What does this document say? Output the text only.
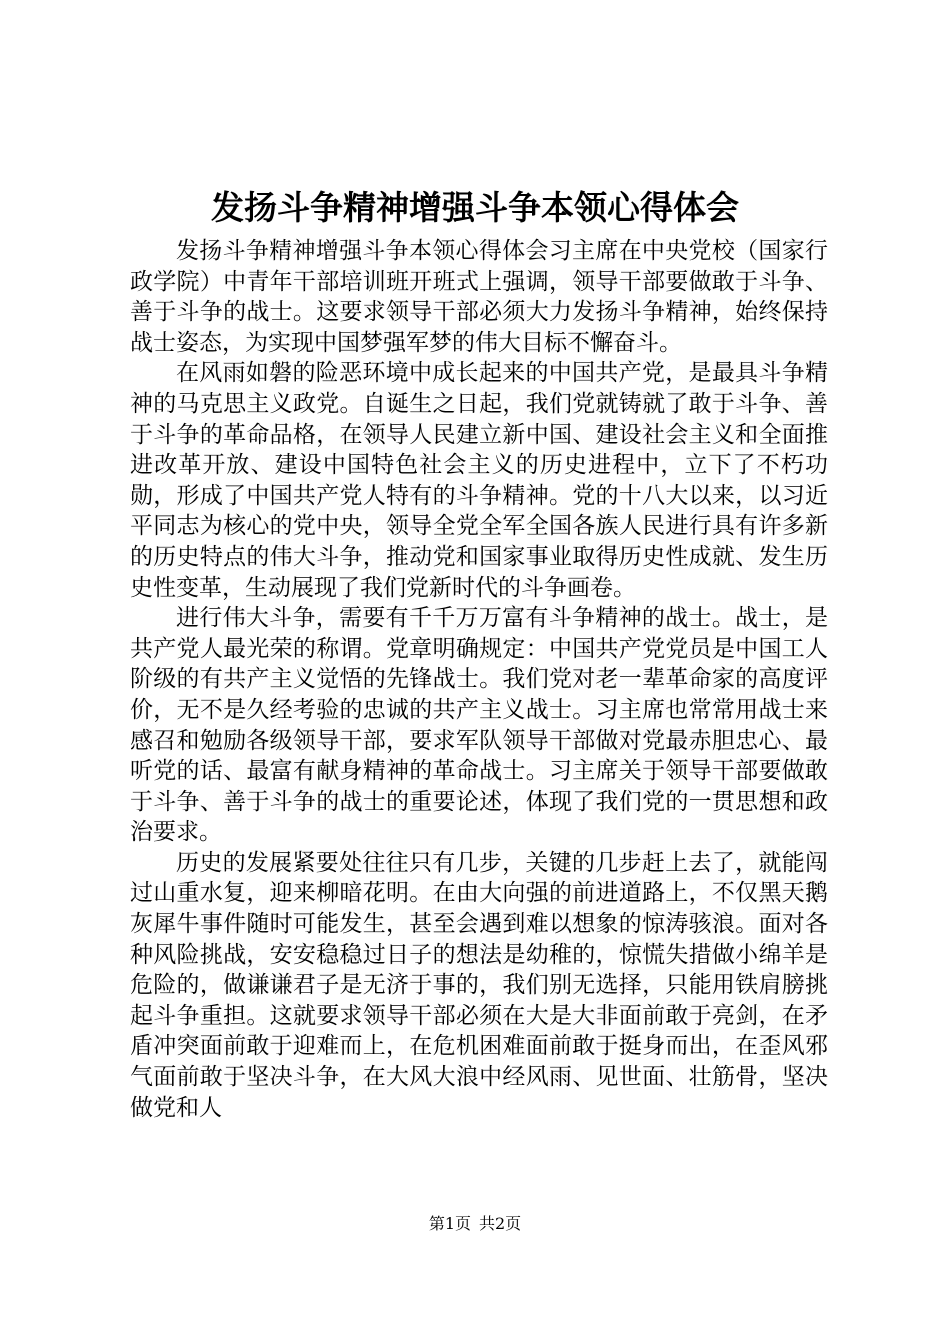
发扬斗争精神增强斗争本领心得体会

发扬斗争精神增强斗争本领心得体会习主席在中央党校（国家行政学院）中青年干部培训班开班式上强调，领导干部要做敢于斗争、善于斗争的战士。这要求领导干部必须大力发扬斗争精神，始终保持战士姿态，为实现中国梦强军梦的伟大目标不懈奋斗。

在风雨如磐的险恶环境中成长起来的中国共产党，是最具斗争精神的马克思主义政党。自诞生之日起，我们党就铸就了敢于斗争、善于斗争的革命品格，在领导人民建立新中国、建设社会主义和全面推进改革开放、建设中国特色社会主义的历史进程中，立下了不朽功勋，形成了中国共产党人特有的斗争精神。党的十八大以来，以习近平同志为核心的党中央，领导全党全军全国各族人民进行具有许多新的历史特点的伟大斗争，推动党和国家事业取得历史性成就、发生历史性变革，生动展现了我们党新时代的斗争画卷。

进行伟大斗争，需要有千千万万富有斗争精神的战士。战士，是共产党人最光荣的称谓。党章明确规定：中国共产党党员是中国工人阶级的有共产主义觉悟的先锋战士。我们党对老一辈革命家的高度评价，无不是久经考验的忠诚的共产主义战士。习主席也常常用战士来感召和勉励各级领导干部，要求军队领导干部做对党最赤胆忠心、最听党的话、最富有献身精神的革命战士。习主席关于领导干部要做敢于斗争、善于斗争的战士的重要论述，体现了我们党的一贯思想和政治要求。

历史的发展紧要处往往只有几步，关键的几步赶上去了，就能闯过山重水复，迎来柳暗花明。在由大向强的前进道路上，不仅黑天鹅灰犀牛事件随时可能发生，甚至会遇到难以想象的惊涛骇浪。面对各种风险挑战，安安稳稳过日子的想法是幼稚的，惊慌失措做小绵羊是危险的，做谦谦君子是无济于事的，我们别无选择，只能用铁肩膀挑起斗争重担。这就要求领导干部必须在大是大非面前敢于亮剑，在矛盾冲突面前敢于迎难而上，在危机困难面前敢于挺身而出，在歪风邪气面前敢于坚决斗争，在大风大浪中经风雨、见世面、壮筋骨，坚决做党和人

第1页 共2页
